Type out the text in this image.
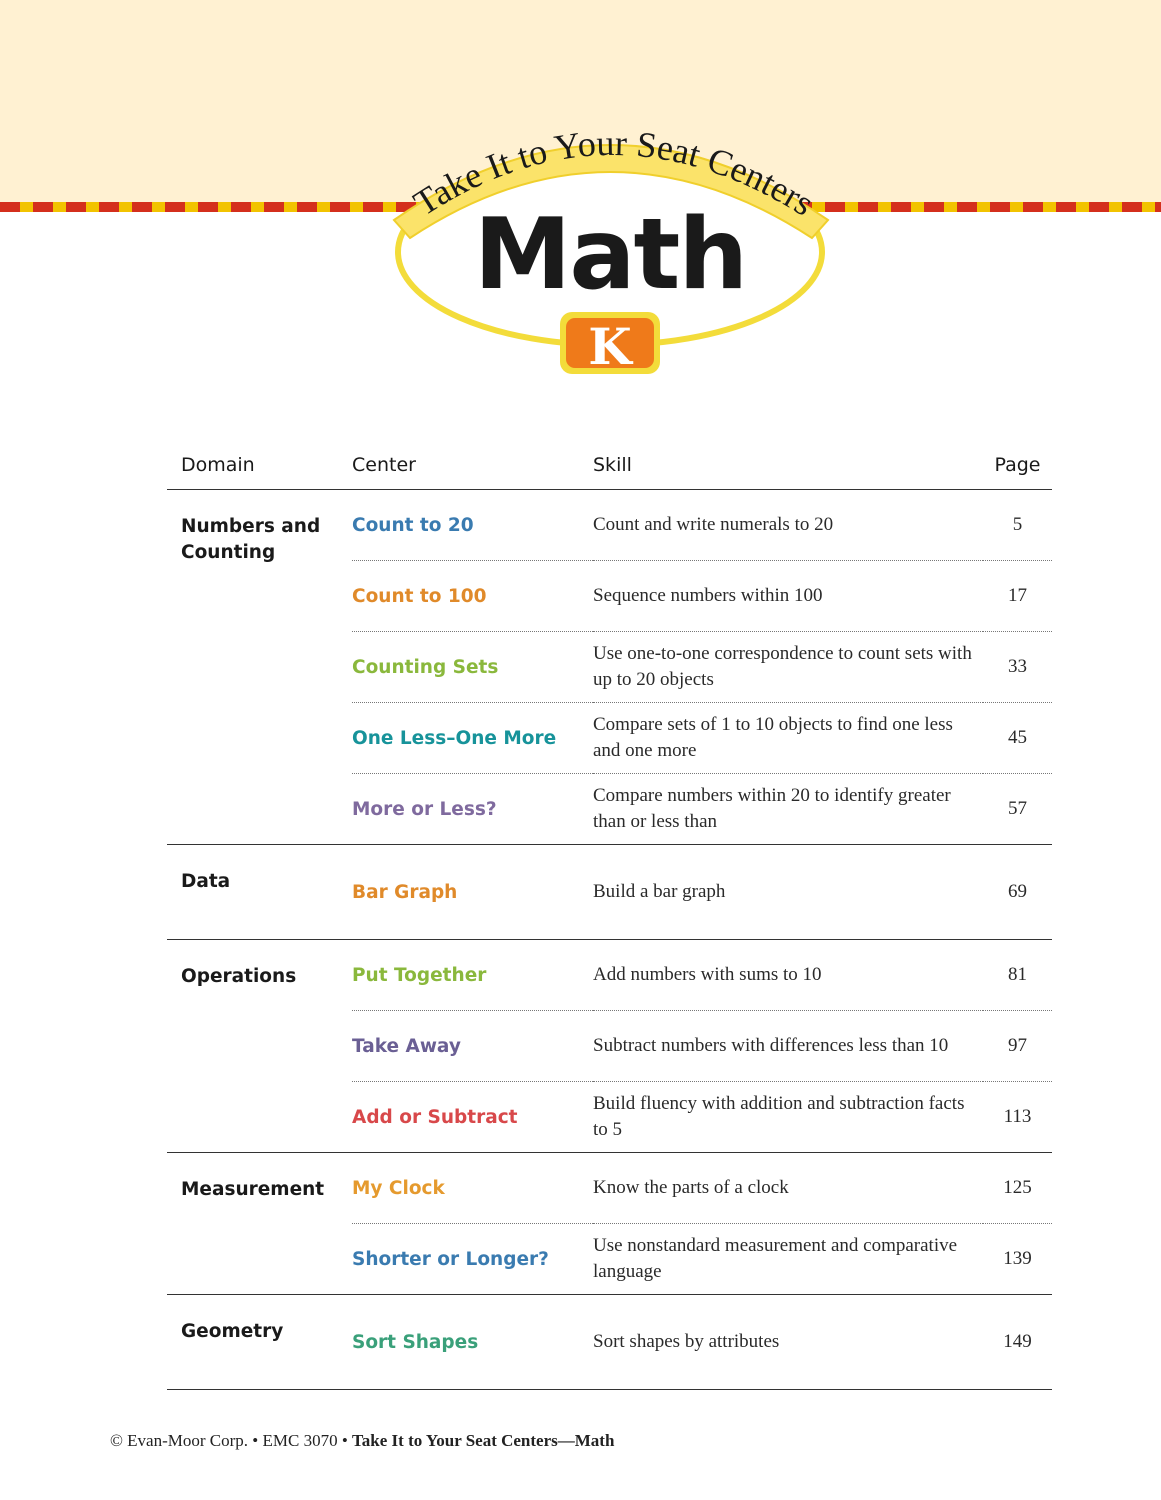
Take It to Your Seat Centers
Math
K
Domain	Center	Skill	Page
Numbers and Counting	Count to 20	Count and write numerals to 20	5
	Count to 100	Sequence numbers within 100	17
	Counting Sets	Use one-to-one correspondence to count sets with up to 20 objects	33
	One Less–One More	Compare sets of 1 to 10 objects to find one less and one more	45
	More or Less?	Compare numbers within 20 to identify greater than or less than	57
Data	Bar Graph	Build a bar graph	69
Operations	Put Together	Add numbers with sums to 10	81
	Take Away	Subtract numbers with differences less than 10	97
	Add or Subtract	Build fluency with addition and subtraction facts to 5	113
Measurement	My Clock	Know the parts of a clock	125
	Shorter or Longer?	Use nonstandard measurement and comparative language	139
Geometry	Sort Shapes	Sort shapes by attributes	149
© Evan-Moor Corp. • EMC 3070 • Take It to Your Seat Centers—Math
